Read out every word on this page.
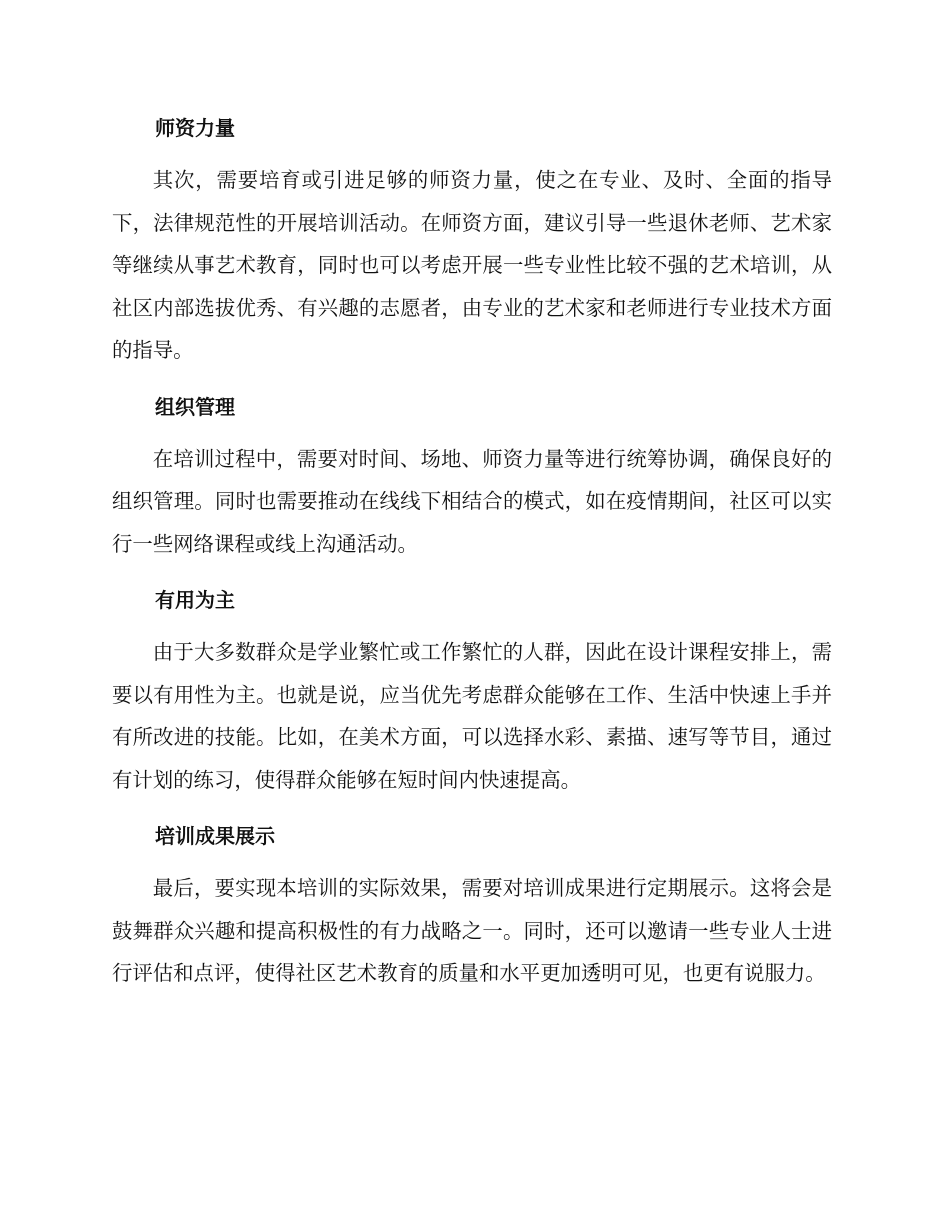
师资力量

其次，需要培育或引进足够的师资力量，使之在专业、及时、全面的指导下，法律规范性的开展培训活动。在师资方面，建议引导一些退休老师、艺术家等继续从事艺术教育，同时也可以考虑开展一些专业性比较不强的艺术培训，从社区内部选拔优秀、有兴趣的志愿者，由专业的艺术家和老师进行专业技术方面的指导。

组织管理

在培训过程中，需要对时间、场地、师资力量等进行统筹协调，确保良好的组织管理。同时也需要推动在线线下相结合的模式，如在疫情期间，社区可以实行一些网络课程或线上沟通活动。

有用为主

由于大多数群众是学业繁忙或工作繁忙的人群，因此在设计课程安排上，需要以有用性为主。也就是说，应当优先考虑群众能够在工作、生活中快速上手并有所改进的技能。比如，在美术方面，可以选择水彩、素描、速写等节目，通过有计划的练习，使得群众能够在短时间内快速提高。

培训成果展示

最后，要实现本培训的实际效果，需要对培训成果进行定期展示。这将会是鼓舞群众兴趣和提高积极性的有力战略之一。同时，还可以邀请一些专业人士进行评估和点评，使得社区艺术教育的质量和水平更加透明可见，也更有说服力。
